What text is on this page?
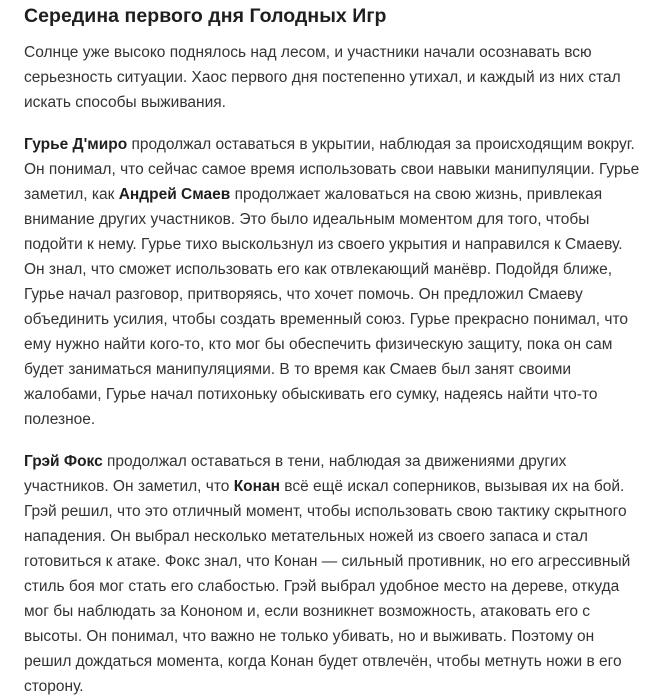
Середина первого дня Голодных Игр

Солнце уже высоко поднялось над лесом, и участники начали осознавать всю серьезность ситуации. Хаос первого дня постепенно утихал, и каждый из них стал искать способы выживания.

Гурье Д'миро продолжал оставаться в укрытии, наблюдая за происходящим вокруг. Он понимал, что сейчас самое время использовать свои навыки манипуляции. Гурье заметил, как Андрей Смаев продолжает жаловаться на свою жизнь, привлекая внимание других участников. Это было идеальным моментом для того, чтобы подойти к нему. Гурье тихо выскользнул из своего укрытия и направился к Смаеву. Он знал, что сможет использовать его как отвлекающий манёвр. Подойдя ближе, Гурье начал разговор, притворяясь, что хочет помочь. Он предложил Смаеву объединить усилия, чтобы создать временный союз. Гурье прекрасно понимал, что ему нужно найти кого-то, кто мог бы обеспечить физическую защиту, пока он сам будет заниматься манипуляциями. В то время как Смаев был занят своими жалобами, Гурье начал потихоньку обыскивать его сумку, надеясь найти что-то полезное.

Грэй Фокс продолжал оставаться в тени, наблюдая за движениями других участников. Он заметил, что Конан всё ещё искал соперников, вызывая их на бой. Грэй решил, что это отличный момент, чтобы использовать свою тактику скрытного нападения. Он выбрал несколько метательных ножей из своего запаса и стал готовиться к атаке. Фокс знал, что Конан — сильный противник, но его агрессивный стиль боя мог стать его слабостью. Грэй выбрал удобное место на дереве, откуда мог бы наблюдать за Кононом и, если возникнет возможность, атаковать его с высоты. Он понимал, что важно не только убивать, но и выживать. Поэтому он решил дождаться момента, когда Конан будет отвлечён, чтобы метнуть ножи в его сторону.
